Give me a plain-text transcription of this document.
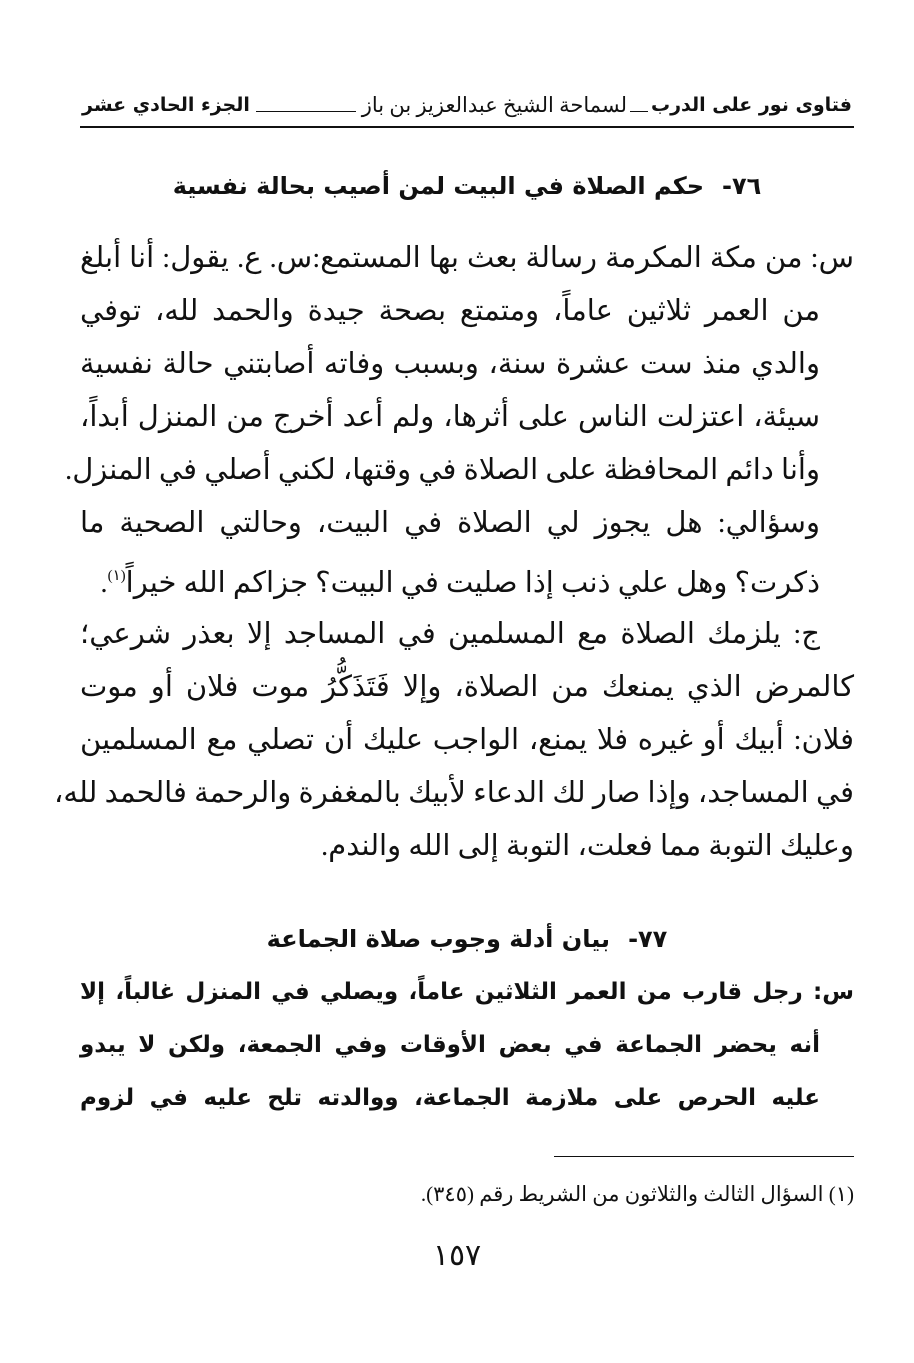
فتاوى نور على الدرب
لسماحة الشيخ عبدالعزيز بن باز
الجزء الحادي عشر
٧٦-حكم الصلاة في البيت لمن أصيب بحالة نفسية
س: من مكة المكرمة رسالة بعث بها المستمع:س. ع. يقول: أنا أبلغ
من العمر ثلاثين عاماً، ومتمتع بصحة جيدة والحمد لله، توفي
والدي منذ ست عشرة سنة، وبسبب وفاته أصابتني حالة نفسية
سيئة، اعتزلت الناس على أثرها، ولم أعد أخرج من المنزل أبداً،
وأنا دائم المحافظة على الصلاة في وقتها، لكني أصلي في المنزل.
وسؤالي: هل يجوز لي الصلاة في البيت، وحالتي الصحية ما
ذكرت؟ وهل علي ذنب إذا صليت في البيت؟ جزاكم الله خيراً$^{(١)}$.
ج: يلزمك الصلاة مع المسلمين في المساجد إلا بعذر شرعي؛
كالمرض الذي يمنعك من الصلاة، وإلا فَتَذَكُّرُ موت فلان أو موت
فلان: أبيك أو غيره فلا يمنع، الواجب عليك أن تصلي مع المسلمين
في المساجد، وإذا صار لك الدعاء لأبيك بالمغفرة والرحمة فالحمد لله،
وعليك التوبة مما فعلت، التوبة إلى الله والندم.
٧٧-بيان أدلة وجوب صلاة الجماعة
س: رجل قارب من العمر الثلاثين عاماً، ويصلي في المنزل غالباً، إلا
أنه يحضر الجماعة في بعض الأوقات وفي الجمعة، ولكن لا يبدو
عليه الحرص على ملازمة الجماعة، ووالدته تلح عليه في لزوم
(١) السؤال الثالث والثلاثون من الشريط رقم (٣٤٥).
١٥٧
